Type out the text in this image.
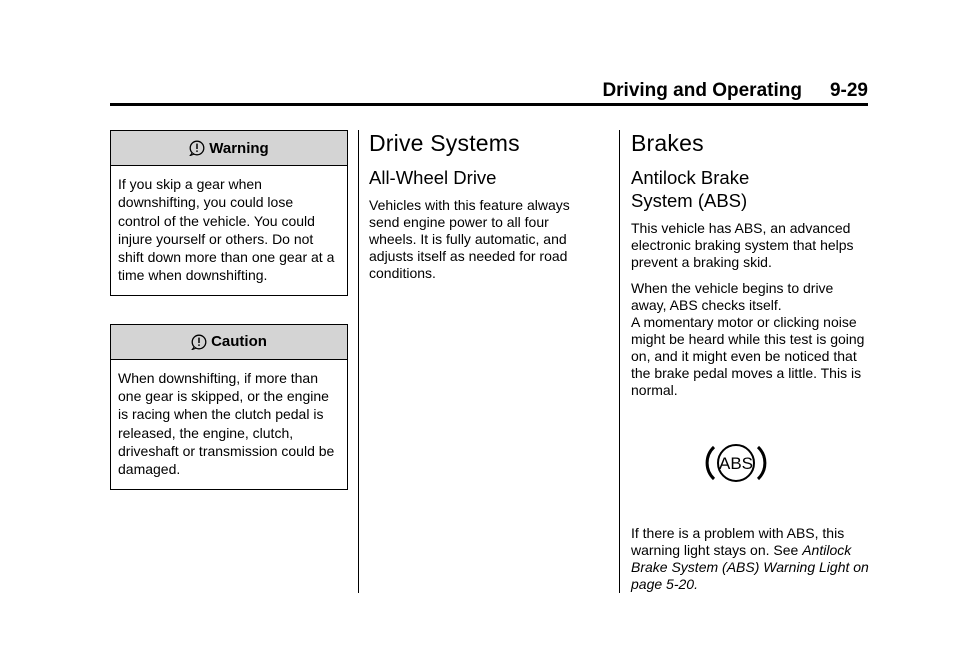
Driving and Operating 9-29
Warning
If you skip a gear when downshifting, you could lose control of the vehicle. You could injure yourself or others. Do not shift down more than one gear at a time when downshifting.
Caution
When downshifting, if more than one gear is skipped, or the engine is racing when the clutch pedal is released, the engine, clutch, driveshaft or transmission could be damaged.
Drive Systems
All-Wheel Drive

Vehicles with this feature always send engine power to all four wheels. It is fully automatic, and adjusts itself as needed for road conditions.

Brakes
Antilock Brake
System (ABS)

This vehicle has ABS, an advanced electronic braking system that helps prevent a braking skid.

When the vehicle begins to drive away, ABS checks itself.
A momentary motor or clicking noise might be heard while this test is going on, and it might even be noticed that the brake pedal moves a little. This is normal.

ABS

If there is a problem with ABS, this warning light stays on. See Antilock Brake System (ABS) Warning Light on page 5-20.
